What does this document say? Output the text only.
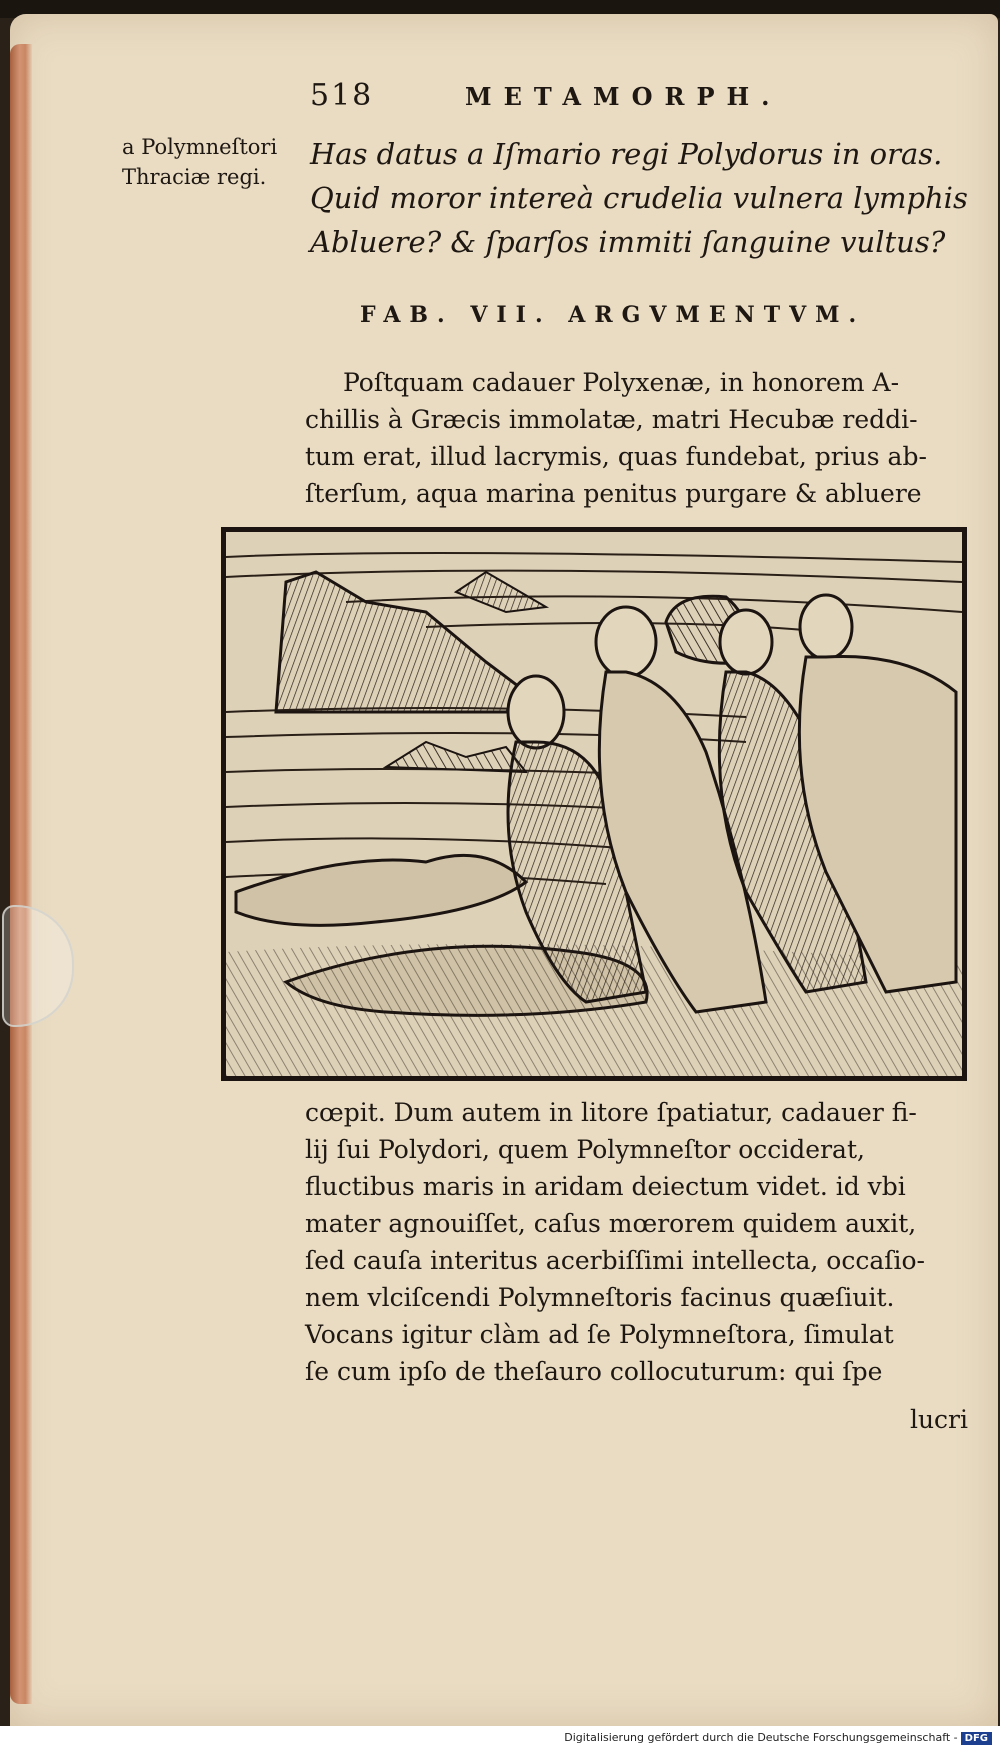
518	METAMORPH.
a Polymneſtori
Thraciæ regi.
Has datus a Iſmario regi Polydorus in oras.
Quid moror intereà crudelia vulnera lymphis
Abluere? & ſparſos immiti ſanguine vultus?
FAB. VII. ARGVMENTVM.
Poſtquam cadauer Polyxenæ, in honorem A-
chillis à Græcis immolatæ, matri Hecubæ reddi-
tum erat, illud lacrymis, quas fundebat, prius ab-
ſterſum, aqua marina penitus purgare & abluere
cœpit. Dum autem in litore ſpatiatur, cadauer fi-
lij ſui Polydori, quem Polymneſtor occiderat,
fluctibus maris in aridam deiectum videt. id vbi
mater agnouiſſet, caſus mœrorem quidem auxit,
ſed cauſa interitus acerbiſſimi intellecta, occaſio-
nem vlciſcendi Polymneſtoris facinus quæſiuit.
Vocans igitur clàm ad ſe Polymneſtora, ſimulat
ſe cum ipſo de theſauro collocuturum: qui ſpe
lucri
Digitalisierung gefördert durch die Deutsche Forschungsgemeinschaft - DFG
